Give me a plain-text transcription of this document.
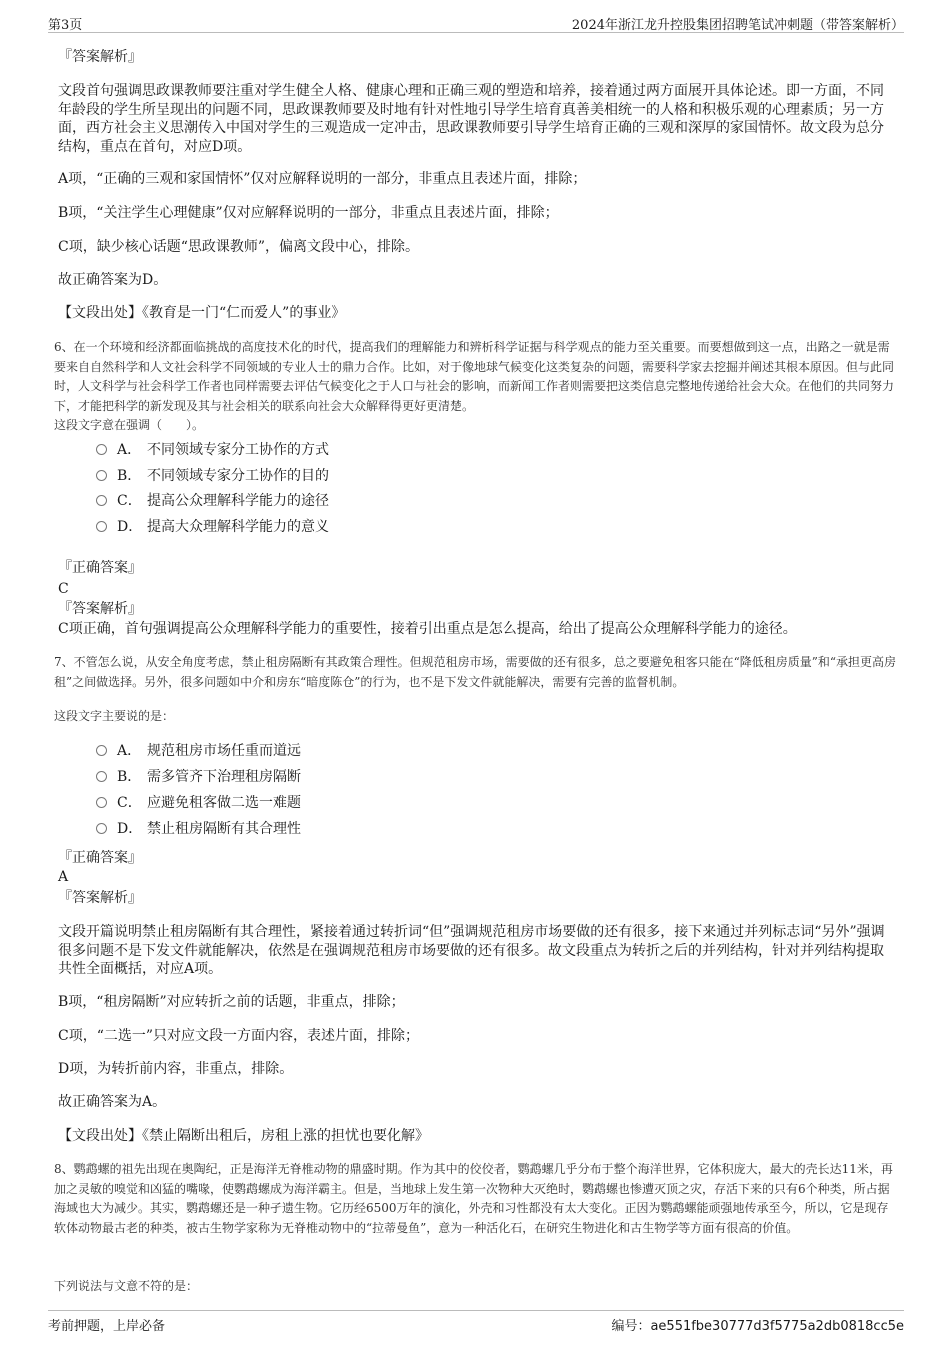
第3页	2024年浙江龙升控股集团招聘笔试冲刺题（带答案解析）
『答案解析』
文段首句强调思政课教师要注重对学生健全人格、健康心理和正确三观的塑造和培养，接着通过两方面展开具体论述。即一方面，不同年龄段的学生所呈现出的问题不同，思政课教师要及时地有针对性地引导学生培育真善美相统一的人格和积极乐观的心理素质；另一方面，西方社会主义思潮传入中国对学生的三观造成一定冲击，思政课教师要引导学生培育正确的三观和深厚的家国情怀。故文段为总分结构，重点在首句，对应D项。
A项，“正确的三观和家国情怀”仅对应解释说明的一部分，非重点且表述片面，排除；
B项，“关注学生心理健康”仅对应解释说明的一部分，非重点且表述片面，排除；
C项，缺少核心话题“思政课教师”，偏离文段中心，排除。
故正确答案为D。
【文段出处】《教育是一门“仁而爱人”的事业》
6、在一个环境和经济都面临挑战的高度技术化的时代，提高我们的理解能力和辨析科学证据与科学观点的能力至关重要。而要想做到这一点，出路之一就是需要来自自然科学和人文社会科学不同领域的专业人士的鼎力合作。比如，对于像地球气候变化这类复杂的问题，需要科学家去挖掘并阐述其根本原因。但与此同时，人文科学与社会科学工作者也同样需要去评估气候变化之于人口与社会的影响，而新闻工作者则需要把这类信息完整地传递给社会大众。在他们的共同努力下，才能把科学的新发现及其与社会相关的联系向社会大众解释得更好更清楚。
这段文字意在强调（　　）。
A． 不同领域专家分工协作的方式
B． 不同领域专家分工协作的目的
C． 提高公众理解科学能力的途径
D． 提高大众理解科学能力的意义
『正确答案』
C
『答案解析』
C项正确，首句强调提高公众理解科学能力的重要性，接着引出重点是怎么提高，给出了提高公众理解科学能力的途径。
7、不管怎么说，从安全角度考虑，禁止租房隔断有其政策合理性。但规范租房市场，需要做的还有很多，总之要避免租客只能在“降低租房质量”和“承担更高房租”之间做选择。另外，很多问题如中介和房东“暗度陈仓”的行为，也不是下发文件就能解决，需要有完善的监督机制。
这段文字主要说的是：
A． 规范租房市场任重而道远
B． 需多管齐下治理租房隔断
C． 应避免租客做二选一难题
D． 禁止租房隔断有其合理性
『正确答案』
A
『答案解析』
文段开篇说明禁止租房隔断有其合理性，紧接着通过转折词“但”强调规范租房市场要做的还有很多，接下来通过并列标志词“另外”强调很多问题不是下发文件就能解决，依然是在强调规范租房市场要做的还有很多。故文段重点为转折之后的并列结构，针对并列结构提取共性全面概括，对应A项。
B项，“租房隔断”对应转折之前的话题，非重点，排除；
C项，“二选一”只对应文段一方面内容，表述片面，排除；
D项，为转折前内容，非重点，排除。
故正确答案为A。
【文段出处】《禁止隔断出租后，房租上涨的担忧也要化解》
8、鹦鹉螺的祖先出现在奥陶纪，正是海洋无脊椎动物的鼎盛时期。作为其中的佼佼者，鹦鹉螺几乎分布于整个海洋世界，它体积庞大，最大的壳长达11米，再加之灵敏的嗅觉和凶猛的嘴喙，使鹦鹉螺成为海洋霸主。但是，当地球上发生第一次物种大灭绝时，鹦鹉螺也惨遭灭顶之灾，存活下来的只有6个种类，所占据海域也大为减少。其实，鹦鹉螺还是一种孑遗生物。它历经6500万年的演化，外壳和习性都没有太大变化。正因为鹦鹉螺能顽强地传承至今，所以，它是现存软体动物最古老的种类，被古生物学家称为无脊椎动物中的“拉蒂曼鱼”，意为一种活化石，在研究生物进化和古生物学等方面有很高的价值。
下列说法与文意不符的是：
考前押题，上岸必备	编号：ae551fbe30777d3f5775a2db0818cc5e
